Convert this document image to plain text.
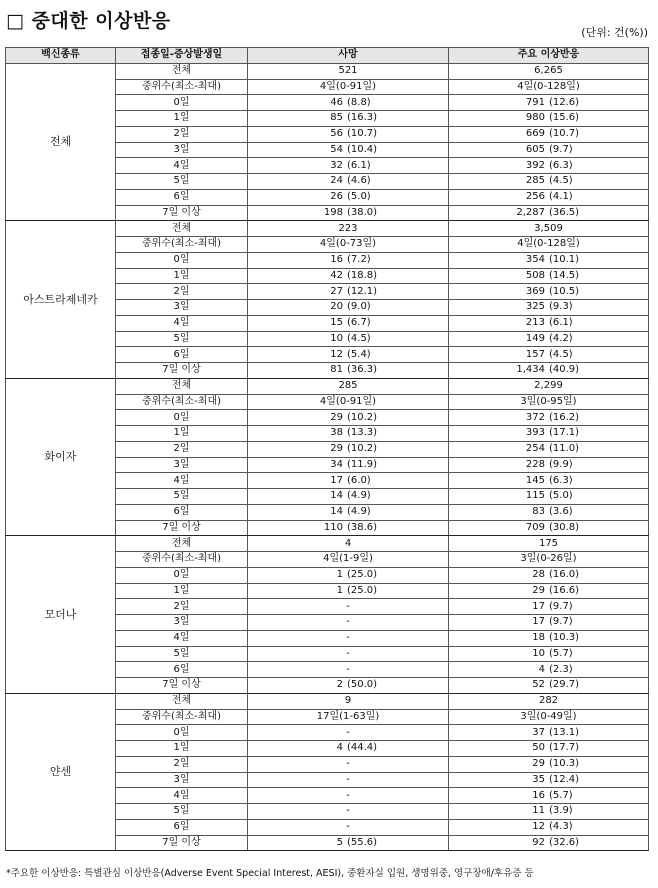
□ 중대한 이상반응
(단위: 건(%))
백신종류	접종일-증상발생일	사망	주요 이상반응
전체	전체	521	6,265

	중위수(최소-최대)	4일(0-91일)	4일(0-128일)

	0일	46 (8.8)	791 (12.6)
	1일	85 (16.3)	980 (15.6)
	2일	56 (10.7)	669 (10.7)
	3일	54 (10.4)	605 (9.7)
	4일	32 (6.1)	392 (6.3)
	5일	24 (4.6)	285 (4.5)
	6일	26 (5.0)	256 (4.1)
	7일 이상	198 (38.0)	2,287 (36.5)
아스트라제네카	전체	223	3,509

	중위수(최소-최대)	4일(0-73일)	4일(0-128일)

	0일	16 (7.2)	354 (10.1)
	1일	42 (18.8)	508 (14.5)
	2일	27 (12.1)	369 (10.5)
	3일	20 (9.0)	325 (9.3)
	4일	15 (6.7)	213 (6.1)
	5일	10 (4.5)	149 (4.2)
	6일	12 (5.4)	157 (4.5)
	7일 이상	81 (36.3)	1,434 (40.9)
화이자	전체	285	2,299

	중위수(최소-최대)	4일(0-91일)	3일(0-95일)

	0일	29 (10.2)	372 (16.2)
	1일	38 (13.3)	393 (17.1)
	2일	29 (10.2)	254 (11.0)
	3일	34 (11.9)	228 (9.9)
	4일	17 (6.0)	145 (6.3)
	5일	14 (4.9)	115 (5.0)
	6일	14 (4.9)	83 (3.6)
	7일 이상	110 (38.6)	709 (30.8)
모더나	전체	4	175

	중위수(최소-최대)	4일(1-9일)	3일(0-26일)

	0일	1 (25.0)	28 (16.0)
	1일	1 (25.0)	29 (16.6)
	2일	-	17 (9.7)
	3일	-	17 (9.7)
	4일	-	18 (10.3)
	5일	-	10 (5.7)
	6일	-	4 (2.3)
	7일 이상	2 (50.0)	52 (29.7)
얀센	전체	9	282

	중위수(최소-최대)	17일(1-63일)	3일(0-49일)

	0일	-	37 (13.1)
	1일	4 (44.4)	50 (17.7)
	2일	-	29 (10.3)
	3일	-	35 (12.4)
	4일	-	16 (5.7)
	5일	-	11 (3.9)
	6일	-	12 (4.3)
	7일 이상	5 (55.6)	92 (32.6)
*주요한 이상반응: 특별관심 이상반응(Adverse Event Special Interest, AESI), 중환자실 입원, 생명위중, 영구장애/후유증 등
